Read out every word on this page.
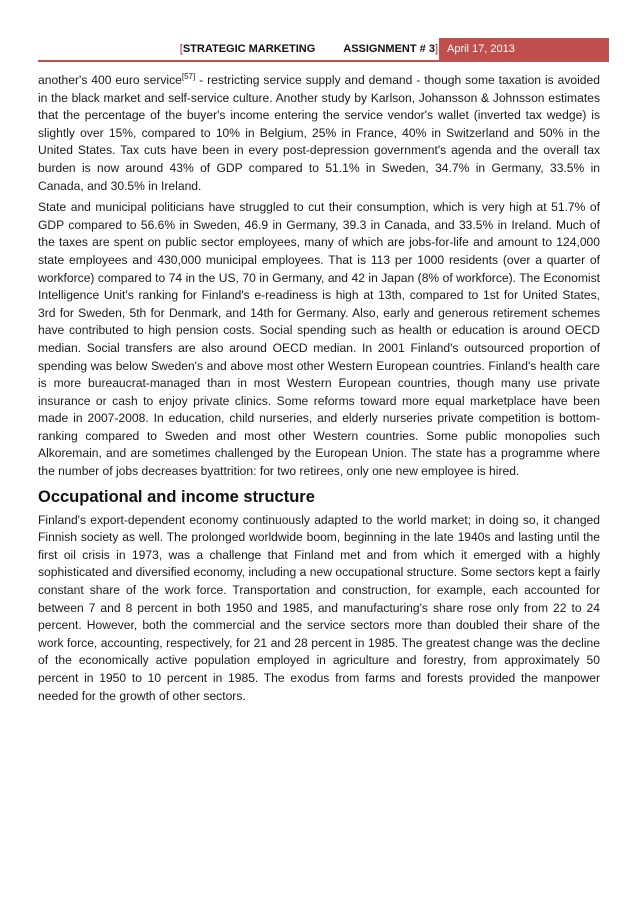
[STRATEGIC MARKETING	ASSIGNMENT # 3] April 17, 2013

another's 400 euro service[57] - restricting service supply and demand - though some taxation is avoided in the black market and self-service culture. Another study by Karlson, Johansson & Johnsson estimates that the percentage of the buyer's income entering the service vendor's wallet (inverted tax wedge) is slightly over 15%, compared to 10% in Belgium, 25% in France, 40% in Switzerland and 50% in the United States. Tax cuts have been in every post-depression government's agenda and the overall tax burden is now around 43% of GDP compared to 51.1% in Sweden, 34.7% in Germany, 33.5% in Canada, and 30.5% in Ireland.

State and municipal politicians have struggled to cut their consumption, which is very high at 51.7% of GDP compared to 56.6% in Sweden, 46.9 in Germany, 39.3 in Canada, and 33.5% in Ireland. Much of the taxes are spent on public sector employees, many of which are jobs-for-life and amount to 124,000 state employees and 430,000 municipal employees. That is 113 per 1000 residents (over a quarter of workforce) compared to 74 in the US, 70 in Germany, and 42 in Japan (8% of workforce). The Economist Intelligence Unit's ranking for Finland's e-readiness is high at 13th, compared to 1st for United States, 3rd for Sweden, 5th for Denmark, and 14th for Germany. Also, early and generous retirement schemes have contributed to high pension costs. Social spending such as health or education is around OECD median. Social transfers are also around OECD median. In 2001 Finland's outsourced proportion of spending was below Sweden's and above most other Western European countries. Finland's health care is more bureaucrat-managed than in most Western European countries, though many use private insurance or cash to enjoy private clinics. Some reforms toward more equal marketplace have been made in 2007-2008. In education, child nurseries, and elderly nurseries private competition is bottom-ranking compared to Sweden and most other Western countries. Some public monopolies such Alkoremain, and are sometimes challenged by the European Union. The state has a programme where the number of jobs decreases byattrition: for two retirees, only one new employee is hired.

Occupational and income structure

Finland's export-dependent economy continuously adapted to the world market; in doing so, it changed Finnish society as well. The prolonged worldwide boom, beginning in the late 1940s and lasting until the first oil crisis in 1973, was a challenge that Finland met and from which it emerged with a highly sophisticated and diversified economy, including a new occupational structure. Some sectors kept a fairly constant share of the work force. Transportation and construction, for example, each accounted for between 7 and 8 percent in both 1950 and 1985, and manufacturing's share rose only from 22 to 24 percent. However, both the commercial and the service sectors more than doubled their share of the work force, accounting, respectively, for 21 and 28 percent in 1985. The greatest change was the decline of the economically active population employed in agriculture and forestry, from approximately 50 percent in 1950 to 10 percent in 1985. The exodus from farms and forests provided the manpower needed for the growth of other sectors.
